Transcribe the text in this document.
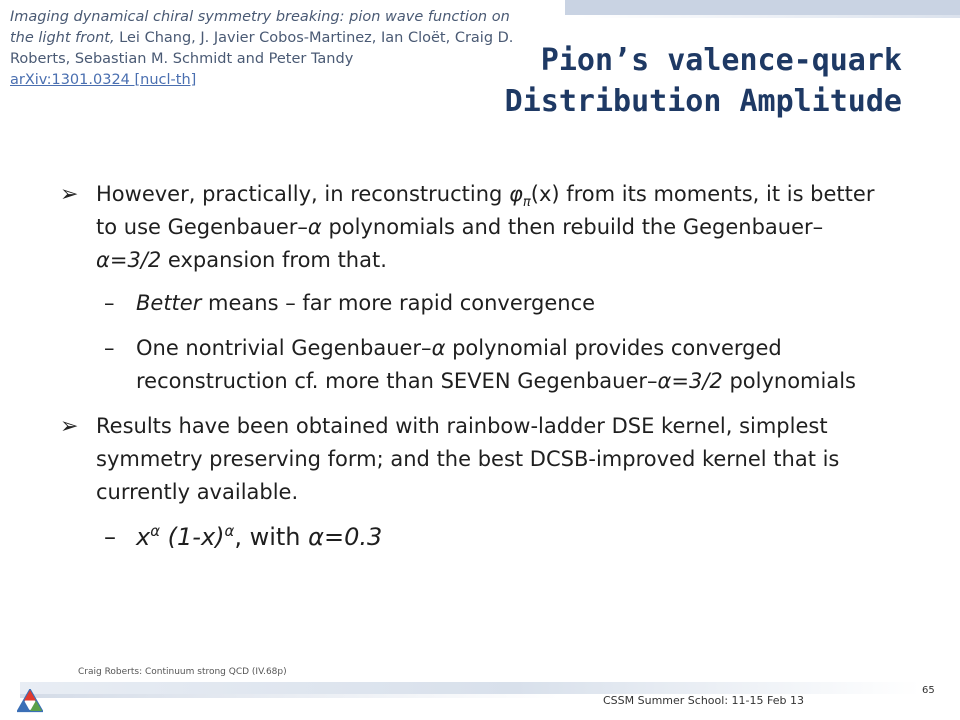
Imaging dynamical chiral symmetry breaking: pion wave function on the light front, Lei Chang, J. Javier Cobos-Martinez, Ian Cloët, Craig D. Roberts, Sebastian M. Schmidt and Peter Tandy
arXiv:1301.0324 [nucl-th]
Pion’s valence-quark
Distribution Amplitude
➢ However, practically, in reconstructing $\varphi_\pi(x)$ from its moments, it is better to use Gegenbauer–α polynomials and then rebuild the Gegenbauer–α=3/2 expansion from that.
– Better means – far more rapid convergence
– One nontrivial Gegenbauer–α polynomial provides converged reconstruction cf. more than SEVEN Gegenbauer–α=3/2 polynomials
➢ Results have been obtained with rainbow-ladder DSE kernel, simplest symmetry preserving form; and the best DCSB-improved kernel that is currently available.
– $x^\alpha$ $(1-x)^\alpha$, with α=0.3
Craig Roberts: Continuum strong QCD (IV.68p)
CSSM Summer School: 11-15 Feb 13
65
